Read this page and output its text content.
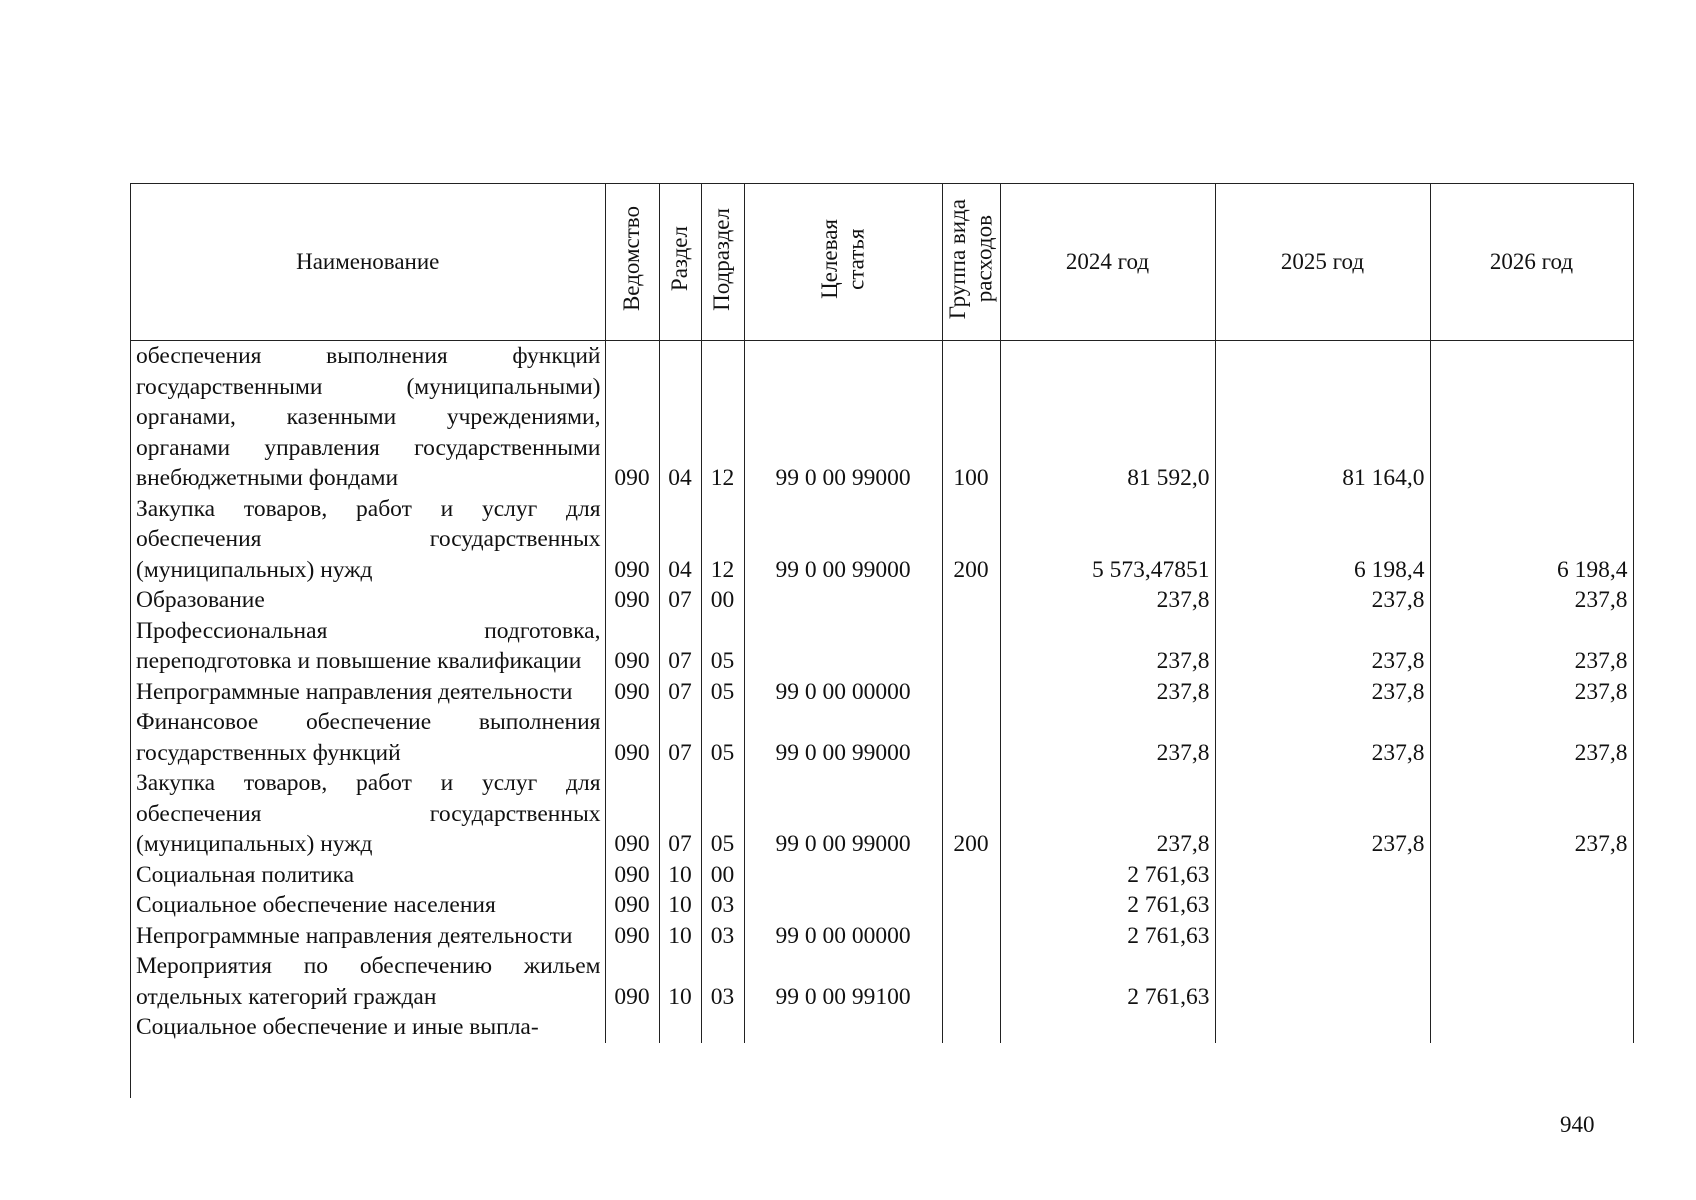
Наименование	Ведомство	Раздел	Подраздел	Целевая
статья	Группа вида
расходов	2024 год	2025 год	2026 год
обеспечения выполнения функций государственными (муниципальными) органами, казенными учреждениями, органами управления государственными внебюджетными фондами	090	04	12	99 0 00 99000	100	81 592,0	81 164,0	
Закупка товаров, работ и услуг для обеспечения государственных (муниципальных) нужд	090	04	12	99 0 00 99000	200	5 573,47851	6 198,4	6 198,4
Образование	090	07	00			237,8	237,8	237,8
Профессиональная подготовка, переподготовка и повышение квалификации	090	07	05			237,8	237,8	237,8
Непрограммные направления деятельности	090	07	05	99 0 00 00000		237,8	237,8	237,8
Финансовое обеспечение выполнения государственных функций	090	07	05	99 0 00 99000		237,8	237,8	237,8
Закупка товаров, работ и услуг для обеспечения государственных (муниципальных) нужд	090	07	05	99 0 00 99000	200	237,8	237,8	237,8
Социальная политика	090	10	00			2 761,63		
Социальное обеспечение населения	090	10	03			2 761,63		
Непрограммные направления деятельности	090	10	03	99 0 00 00000		2 761,63		
Мероприятия по обеспечению жильем отдельных категорий граждан	090	10	03	99 0 00 99100		2 761,63		
Социальное обеспечение и иные выпла-								
940
